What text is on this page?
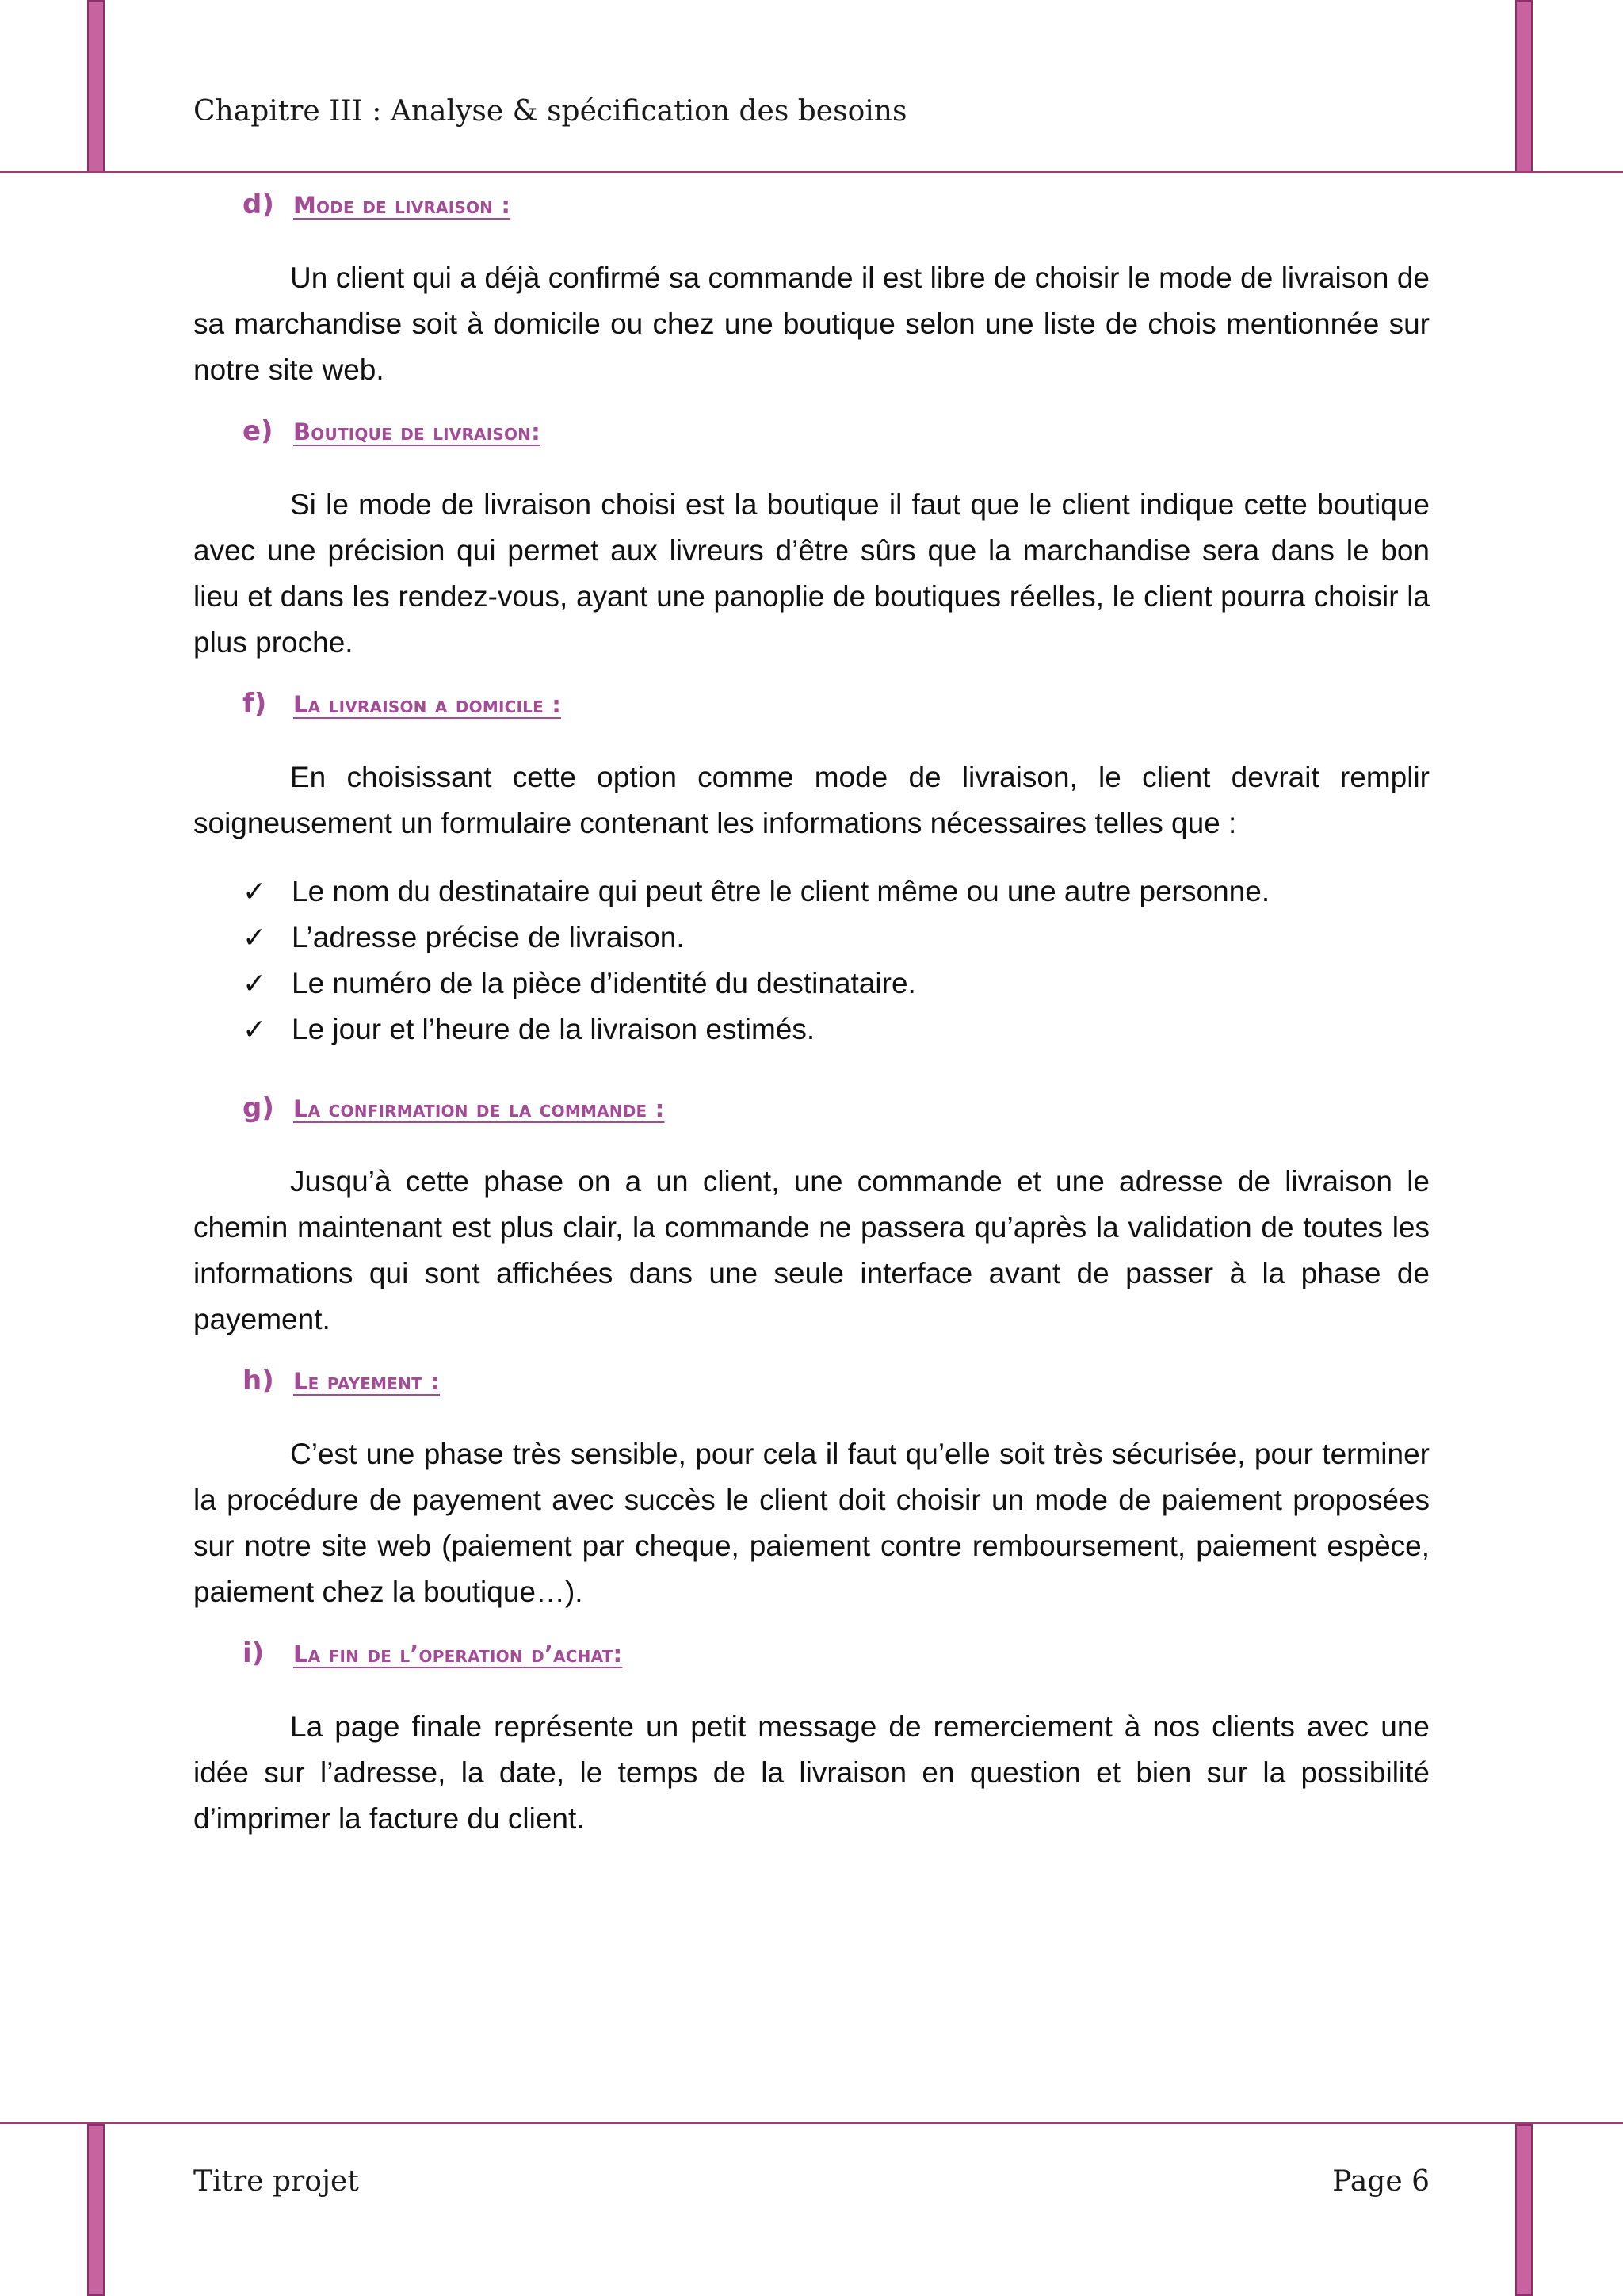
Chapitre III : Analyse & spécification des besoins
d) Mode de livraison :

Un client qui a déjà confirmé sa commande il est libre de choisir le mode de livraison de sa marchandise soit à domicile ou chez une boutique selon une liste de chois mentionnée sur notre site web.

e) Boutique de livraison:

Si le mode de livraison choisi est la boutique il faut que le client indique cette boutique avec une précision qui permet aux livreurs d’être sûrs que la marchandise sera dans le bon lieu et dans les rendez-vous, ayant une panoplie de boutiques réelles, le client pourra choisir la plus proche.

f)	La livraison a domicile :

En choisissant cette option comme mode de livraison, le client devrait remplir soigneusement un formulaire contenant les informations nécessaires telles que :

✓ Le nom du destinataire qui peut être le client même ou une autre personne.
✓ L’adresse précise de livraison.
✓ Le numéro de la pièce d’identité du destinataire.
✓ Le jour et l’heure de la livraison estimés.
g) La confirmation de la commande :

Jusqu’à cette phase on a un client, une commande et une adresse de livraison le chemin maintenant est plus clair, la commande ne passera qu’après la validation de toutes les informations qui sont affichées dans une seule interface avant de passer à la phase de payement.

h) Le payement :

C’est une phase très sensible, pour cela il faut qu’elle soit très sécurisée, pour terminer la procédure de payement avec succès le client doit choisir un mode de paiement proposées sur notre site web (paiement par cheque, paiement contre remboursement, paiement espèce, paiement chez la boutique…).

i)	La fin de l’operation d’achat:

La page finale représente un petit message de remerciement à nos clients avec une idée sur l’adresse, la date, le temps de la livraison en question et bien sur la possibilité d’imprimer la facture du client.

Titre projet	Page 6
